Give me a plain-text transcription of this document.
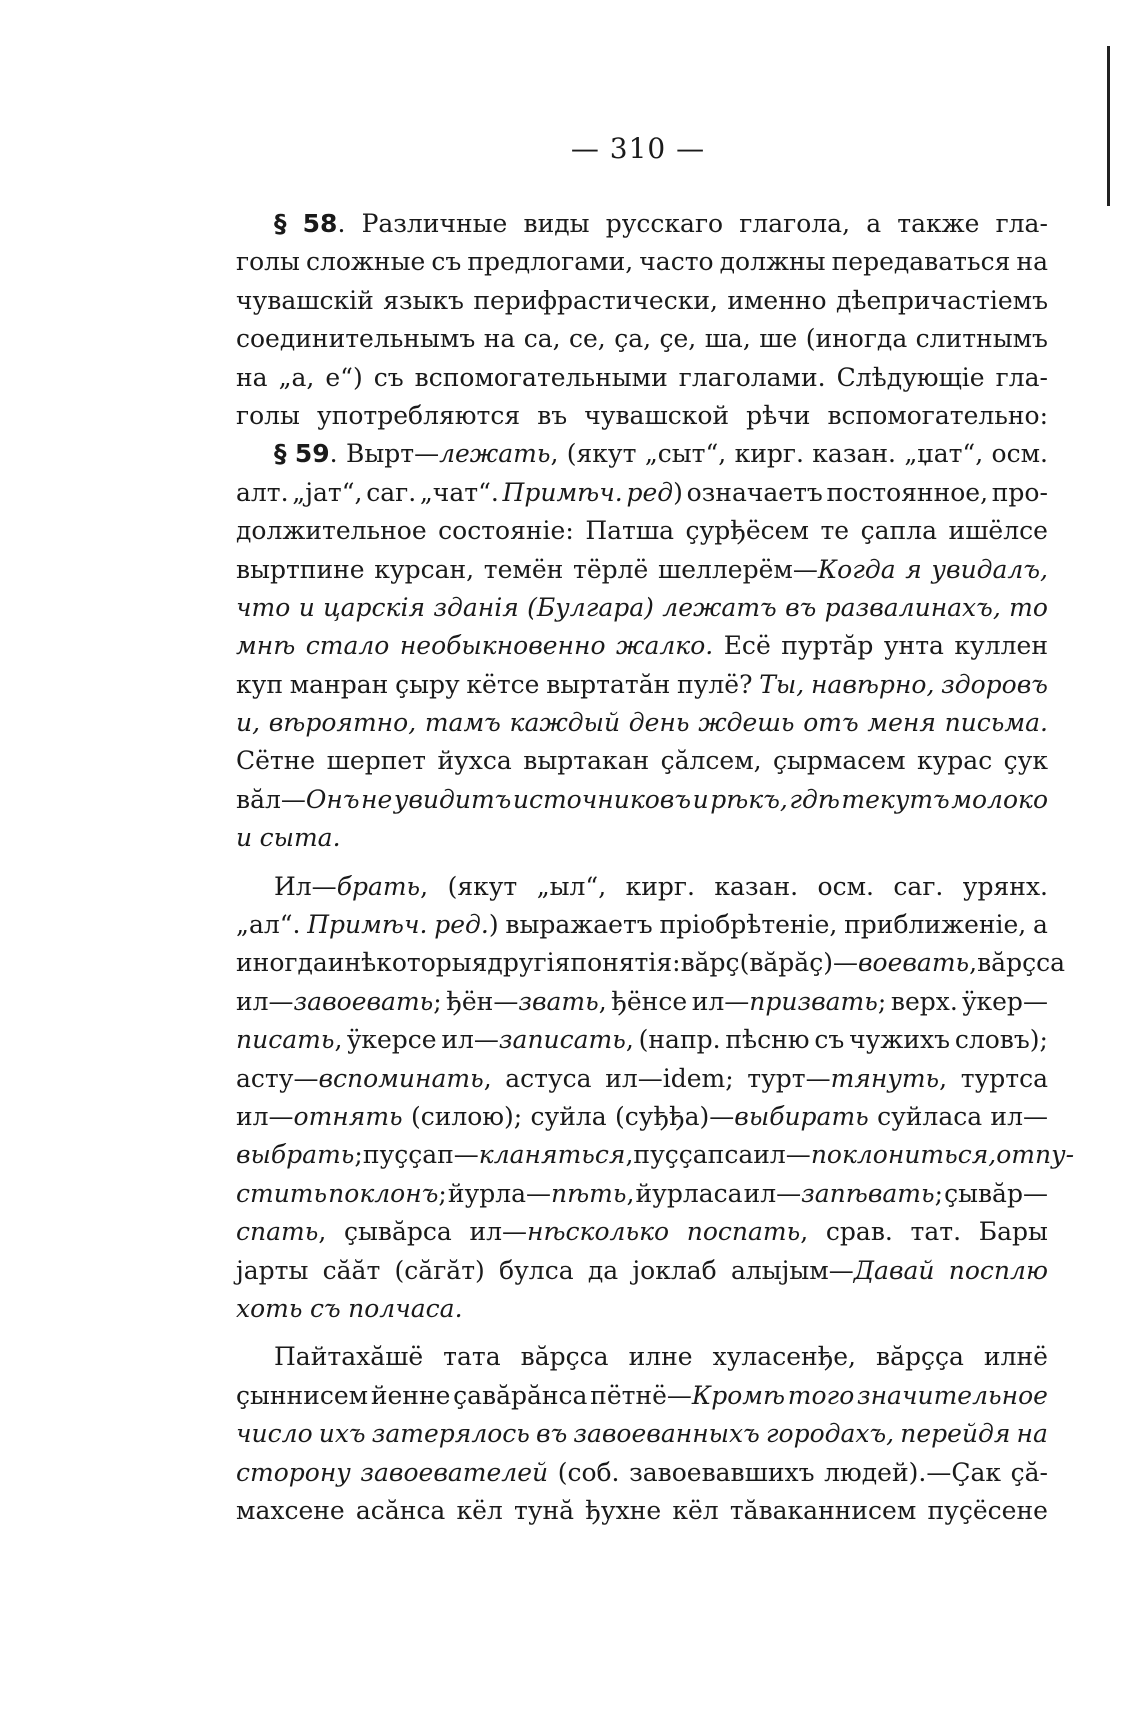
— 310 —
§ 58. Различные виды русскаго глагола, а также гла-
голы сложные съ предлогами, часто должны передаваться на
чувашскій языкъ перифрастически, именно дѣепричастіемъ
соединительнымъ на са, се, ça, çе, ша, ше (иногда слитнымъ
на „а, е“) съ вспомогательными глаголами. Слѣдующіе гла-
голы употребляются въ чувашской рѣчи вспомогательно:
§ 59. Вырт—лежать, (якут „сыт“, кирг. казан. „џат“, осм.
алт. „јат“, саг. „чат“. Примѣч. ред) означаетъ постоянное, про-
должительное состояніе: Патша çурђёсем те çапла ишёлсе
выртпине курсан, темён тёрлё шеллерём—Когда я увидалъ,
что и царскія зданія (Булгара) лежатъ въ развалинахъ, то
мнѣ стало необыкновенно жалко. Есё пуртăр унта куллен
куп манран çыру кётсе выртатăн пулё? Ты, навѣрно, здоровъ
и, вѣроятно, тамъ каждый день ждешь отъ меня письма.
Сётне шерпет йухса выртакан çăлсем, çырмасем курас çук
вăл—Онъ не увидитъ источниковъ и рѣкъ, гдѣ текутъ молоко
и сыта.
Ил—брать, (якут „ыл“, кирг. казан. осм. саг. урянх.
„ал“. Примѣч. ред.) выражаетъ пріобрѣтеніе, приближеніе, а
иногда и нѣкоторыя другія понятія: вăрç (вăрăç)—воевать, вăрçса
ил—завоевать; ђён—звать, ђёнсе ил—призвать; верх. ÿкер—
писать, ÿкерсе ил—записать, (напр. пѣсню съ чужихъ словъ);
асту—вспоминать, астуса ил—idem; турт—тянуть, туртса
ил—отнять (силою); суйла (суђђа)—выбирать суйласа ил—
выбрать; пуççап—кланяться, пуççапса ил—поклониться, отпу-
стить поклонъ; йурла—пѣть, йурласа ил—запѣвать; çывăр—
спать, çывăрса ил—нѣсколько поспать, срав. тат. Бары
јарты сăăт (сăгăт) булса да јоклаб алыјым—Давай посплю
хоть съ полчаса.
Пайтахăшё тата вăрçса илне хуласенђе, вăрççа илнё
çыннисем йенне çавăрăнса пётнё—Кромѣ того значительное
число ихъ затерялось въ завоеванныхъ городахъ, перейдя на
сторону завоевателей (соб. завоевавшихъ людей).—Çак çă-
махсене асăнса кёл тунă ђухне кёл тăваканнисем пуçёсене
